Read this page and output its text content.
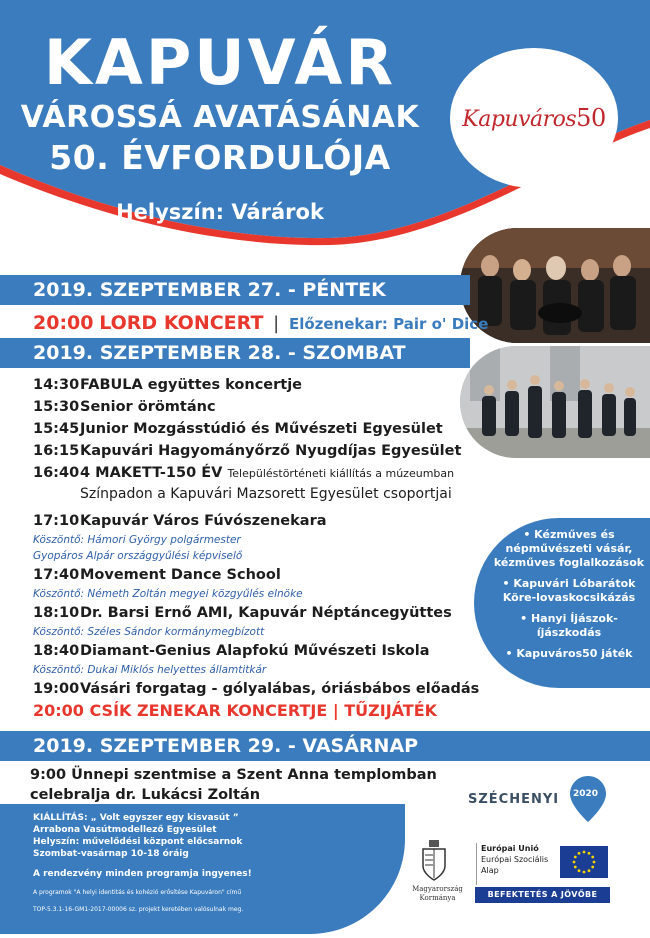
KAPUVÁR
VÁROSSÁ AVATÁSÁNAK
50. ÉVFORDULÓJA
Helyszín: Várárok
Kapuváros50
2019. SZEPTEMBER 27. - PÉNTEK
20:00 LORD KONCERT | Előzenekar: Pair o' Dice
2019. SZEPTEMBER 28. - SZOMBAT
14:30FABULA együttes koncertje
15:30Senior örömtánc
15:45Junior Mozgásstúdió és Művészeti Egyesület
16:15Kapuvári Hagyományőrző Nyugdíjas Egyesület
16:404 MAKETT-150 ÉV Településtörténeti kiállítás a múzeumban
Színpadon a Kapuvári Mazsorett Egyesület csoportjai
17:10Kapuvár Város Fúvószenekara
Köszöntő: Hámori György polgármester
Gyopáros Alpár országgyűlési képviselő
17:40Movement Dance School
Köszöntő: Németh Zoltán megyei közgyűlés elnöke
18:10Dr. Barsi Ernő AMI, Kapuvár Néptáncegyüttes
Köszöntő: Széles Sándor kormánymegbízott
18:40Diamant-Genius Alapfokú Művészeti Iskola
Köszöntő: Dukai Miklós helyettes államtitkár
19:00Vásári forgatag - gólyalábas, óriásbábos előadás
20:00 CSÍK ZENEKAR KONCERTJE | TŰZIJÁTÉK
• Kézműves és népművészeti vásár, kézműves foglalkozások
• Kapuvári Lóbarátok Köre-lovaskocsikázás
• Hanyi Íjászok-íjászkodás
• Kapuváros50 játék
2019. SZEPTEMBER 29. - VASÁRNAP
9:00 Ünnepi szentmise a Szent Anna templomban
celebralja dr. Lukácsi Zoltán
KIÁLLÍTÁS: „ Volt egyszer egy kisvasút ”
Arrabona Vasútmodellező Egyesület
Helyszín: művelődési központ előcsarnok
Szombat-vasárnap 10-18 óráig
A rendezvény minden programja ingyenes!
A programok "A helyi identitás és kohézió erősítése Kapuváron" című
TOP-5.3.1-16-GM1-2017-00006 sz. projekt keretében valósulnak meg.
SZÉCHENYI 2020
Magyarország
Kormánya
Európai Unió
Európai Szociális
Alap
BEFEKTETÉS A JÖVŐBE
